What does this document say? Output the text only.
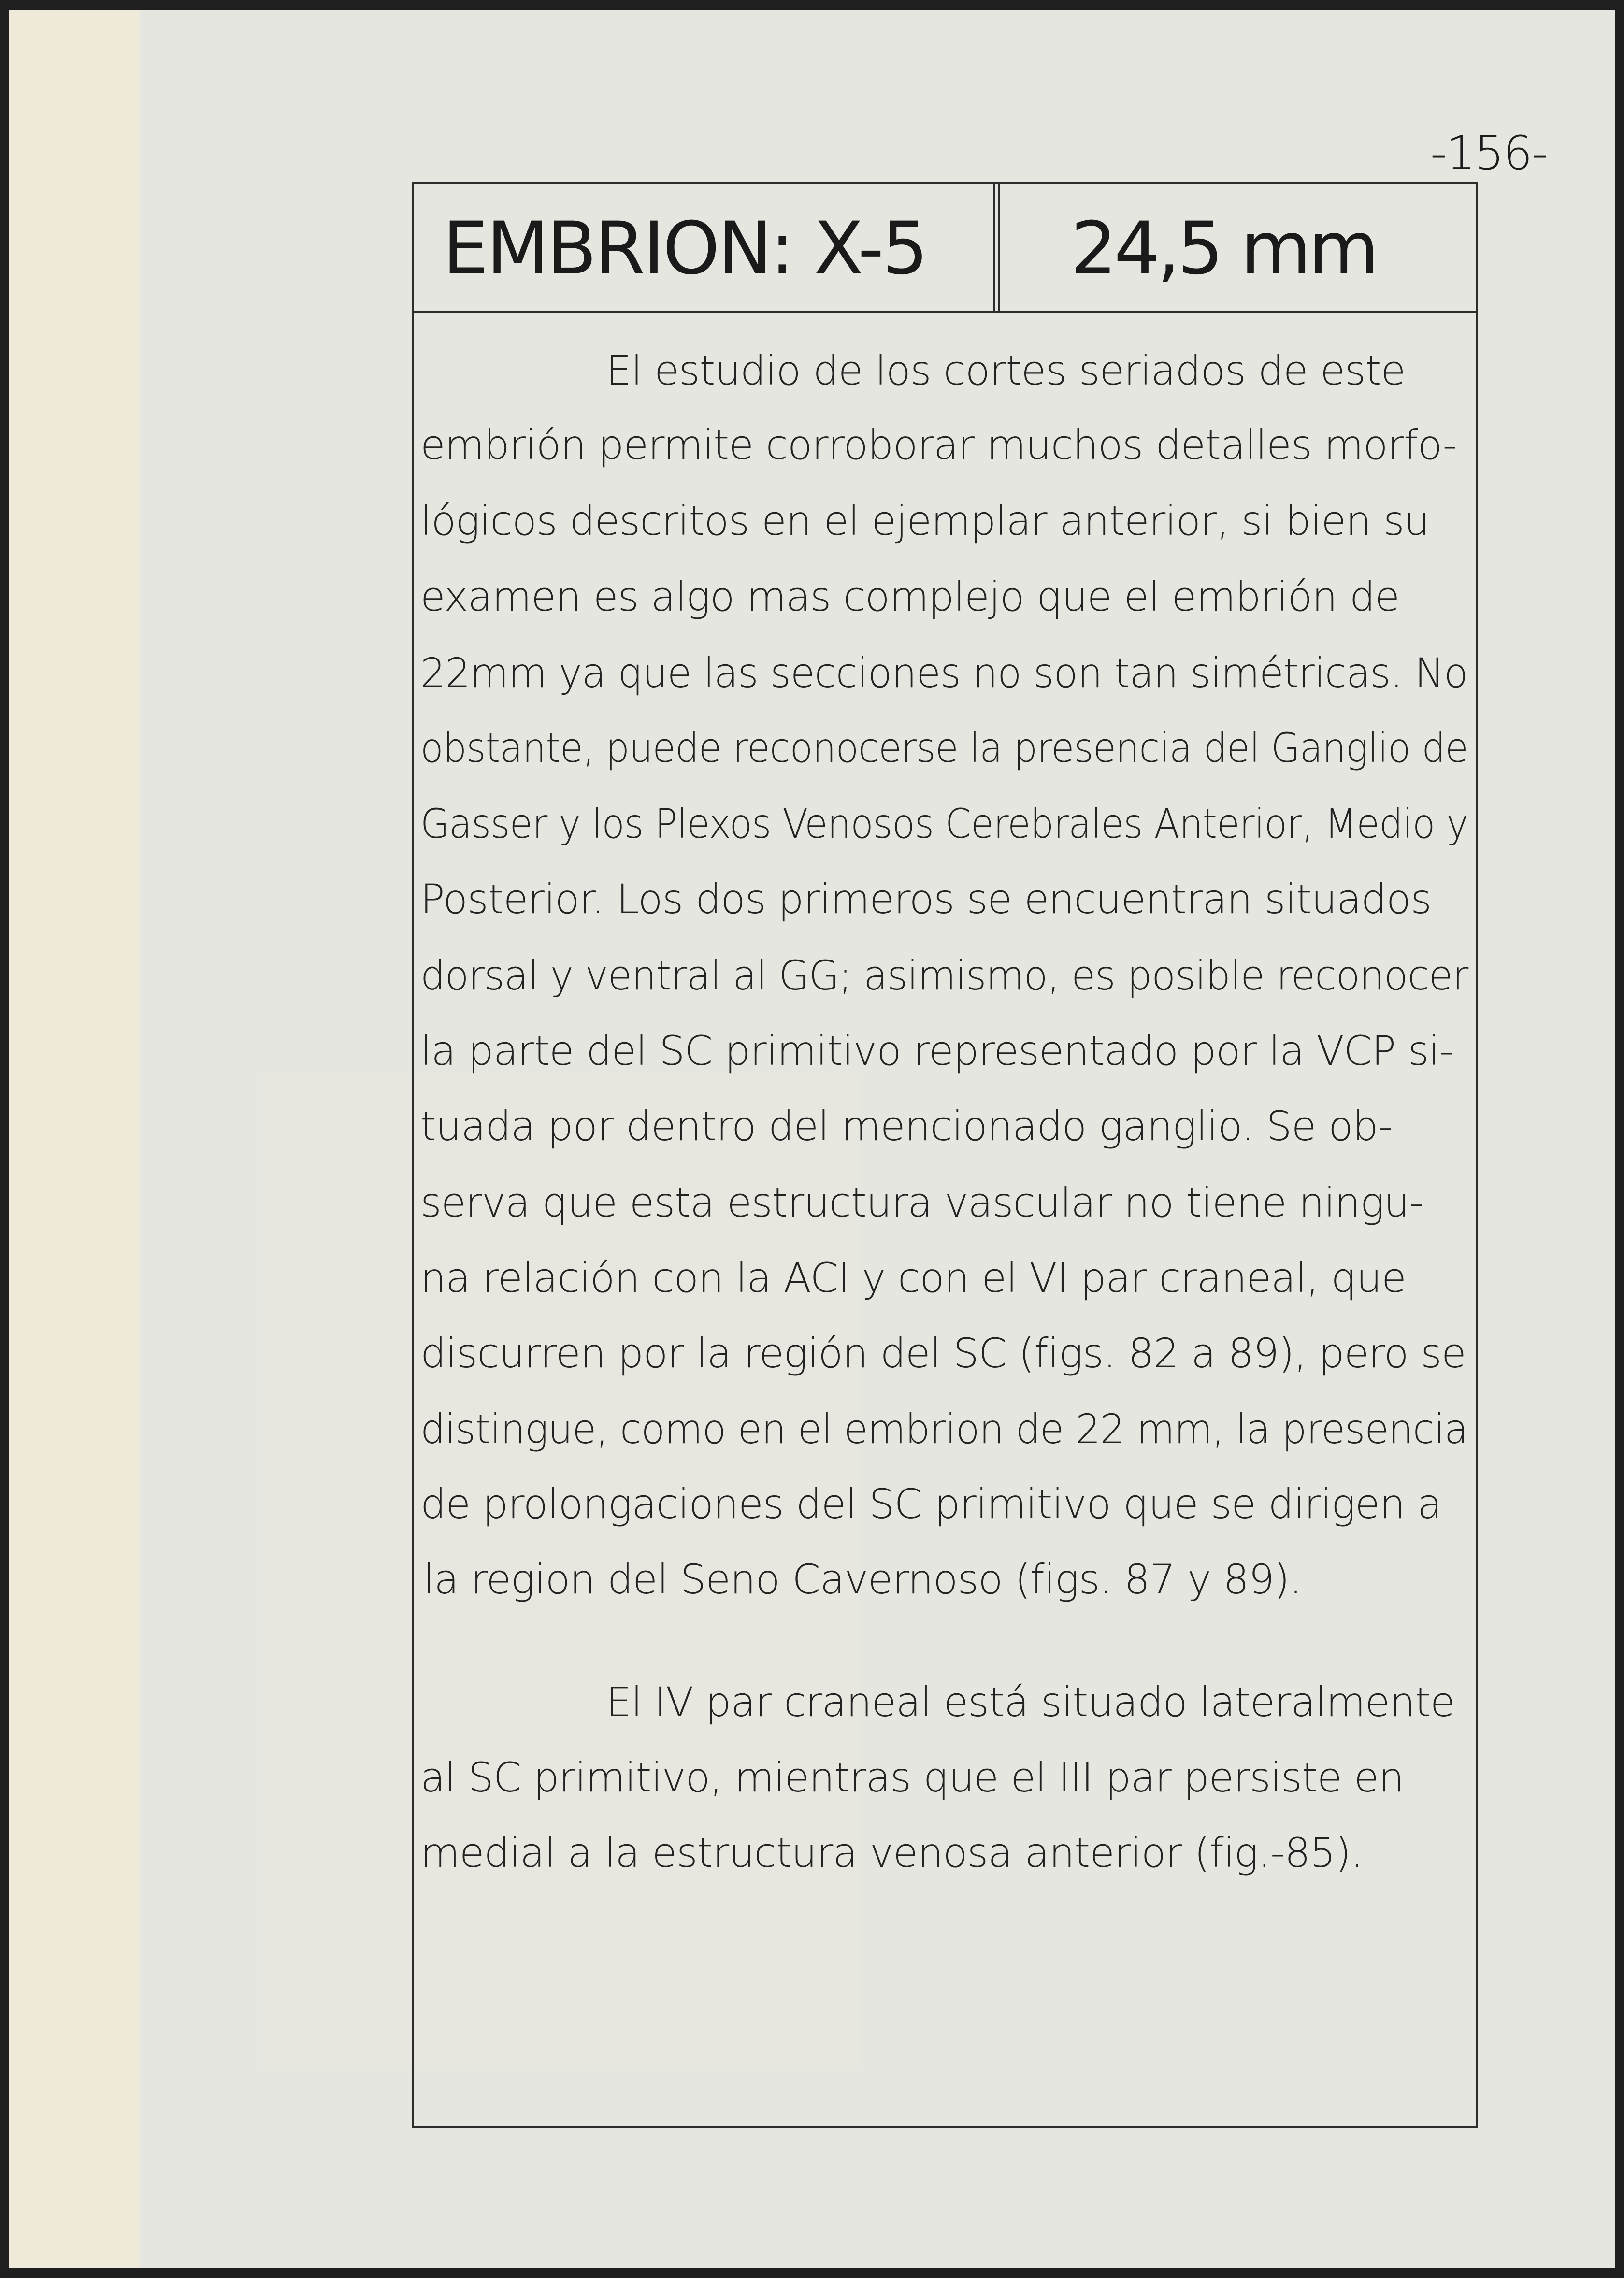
-156-
EMBRION: X-5	24,5 mm
El estudio de los cortes seriados de este
embrión permite corroborar muchos detalles morfo-
lógicos descritos en el ejemplar anterior, si bien su
examen es algo mas complejo que el embrión de
22mm ya que las secciones no son tan simétricas. No
obstante, puede reconocerse la presencia del Ganglio de
Gasser y los Plexos Venosos Cerebrales Anterior, Medio y
Posterior. Los dos primeros se encuentran situados
dorsal y ventral al GG; asimismo, es posible reconocer
la parte del SC primitivo representado por la VCP si-
tuada por dentro del mencionado ganglio. Se ob-
serva que esta estructura vascular no tiene ningu-
na relación con la ACI y con el VI par craneal, que
discurren por la región del SC (figs. 82 a 89), pero se
distingue, como en el embrion de 22 mm, la presencia
de prolongaciones del SC primitivo que se dirigen a
la region del Seno Cavernoso (figs. 87 y 89).
El IV par craneal está situado lateralmente
al SC primitivo, mientras que el III par persiste en
medial a la estructura venosa anterior (fig.-85).
